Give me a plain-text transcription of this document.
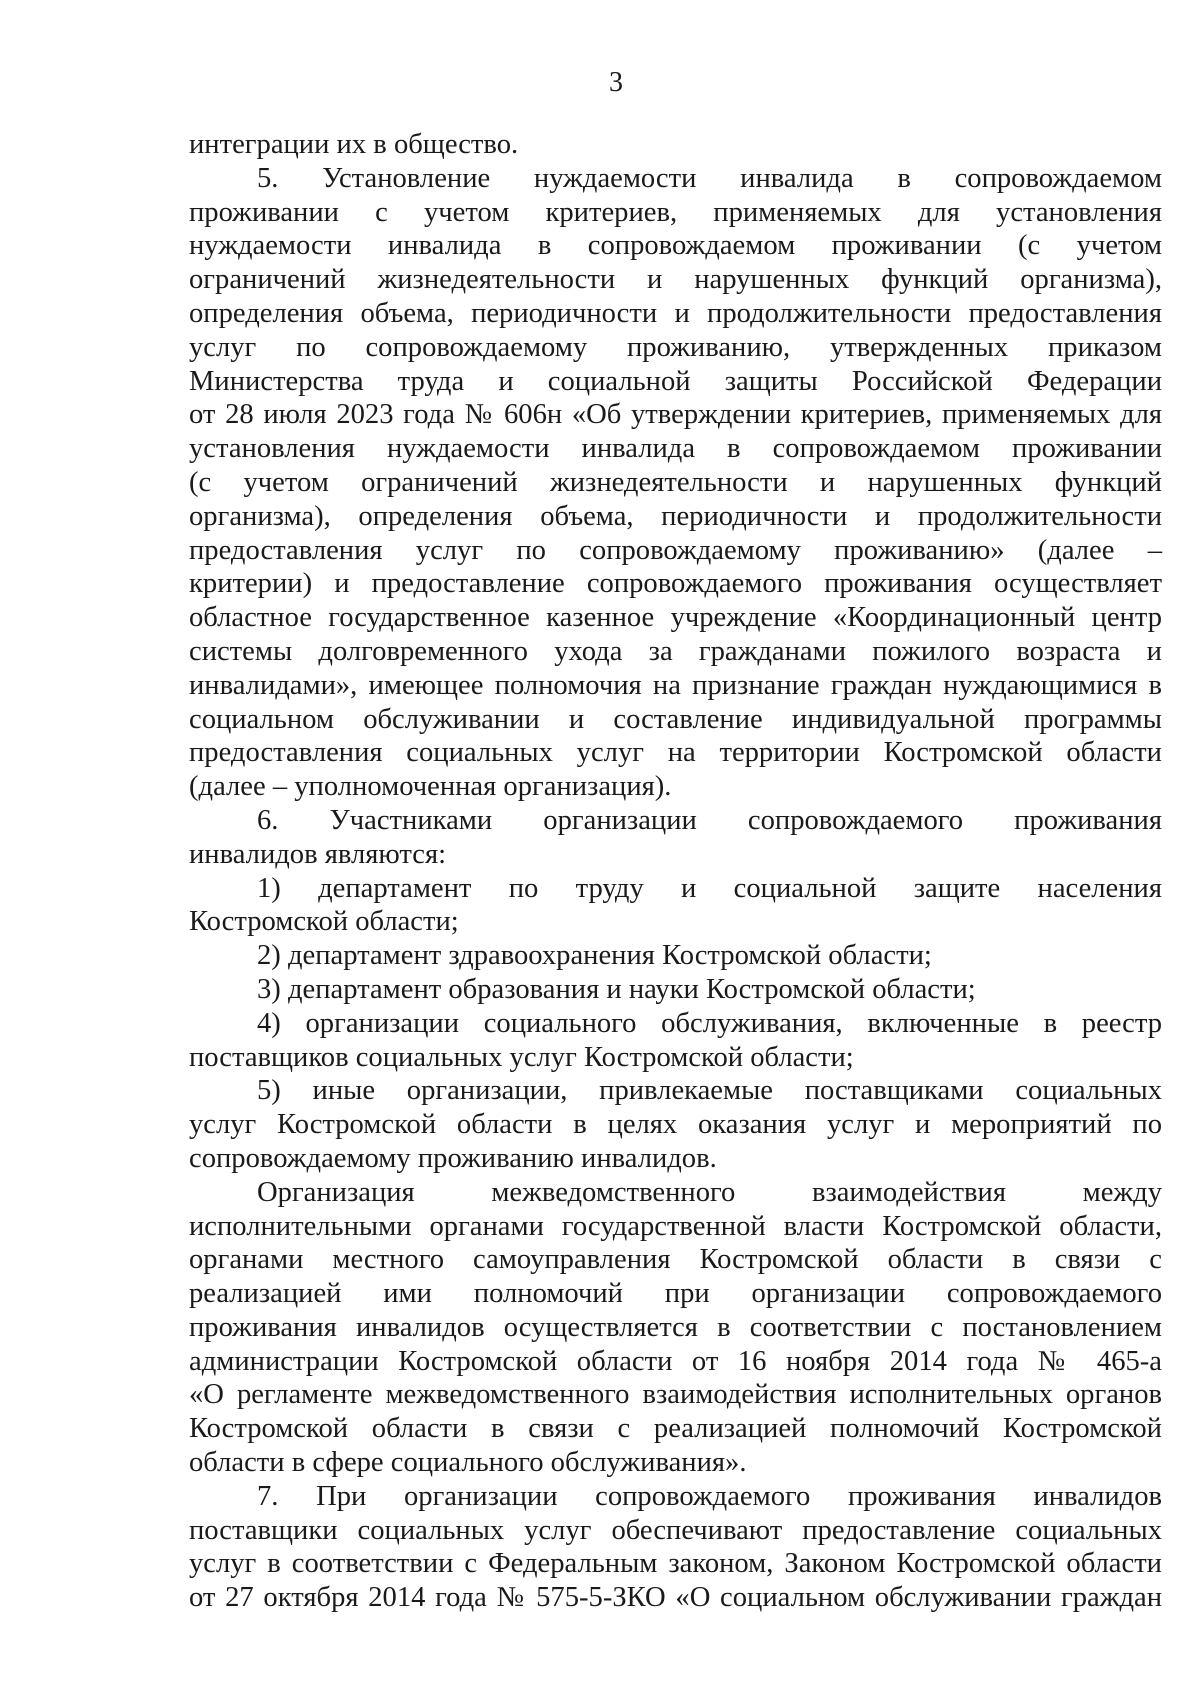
3
интеграции их в общество.
5. Установление нуждаемости инвалида в сопровождаемом
проживании с учетом критериев, применяемых для установления
нуждаемости инвалида в сопровождаемом проживании (с учетом
ограничений жизнедеятельности и нарушенных функций организма),
определения объема, периодичности и продолжительности предоставления
услуг по сопровождаемому проживанию, утвержденных приказом
Министерства труда и социальной защиты Российской Федерации
от 28 июля 2023 года № 606н «Об утверждении критериев, применяемых для
установления нуждаемости инвалида в сопровождаемом проживании
(с учетом ограничений жизнедеятельности и нарушенных функций
организма), определения объема, периодичности и продолжительности
предоставления услуг по сопровождаемому проживанию» (далее –
критерии) и предоставление сопровождаемого проживания осуществляет
областное государственное казенное учреждение «Координационный центр
системы долговременного ухода за гражданами пожилого возраста и
инвалидами», имеющее полномочия на признание граждан нуждающимися в
социальном обслуживании и составление индивидуальной программы
предоставления социальных услуг на территории Костромской области
(далее – уполномоченная организация).
6. Участниками организации сопровождаемого проживания
инвалидов являются:
1) департамент по труду и социальной защите населения
Костромской области;
2) департамент здравоохранения Костромской области;
3) департамент образования и науки Костромской области;
4) организации социального обслуживания, включенные в реестр
поставщиков социальных услуг Костромской области;
5) иные организации, привлекаемые поставщиками социальных
услуг Костромской области в целях оказания услуг и мероприятий по
сопровождаемому проживанию инвалидов.
Организация межведомственного взаимодействия между
исполнительными органами государственной власти Костромской области,
органами местного самоуправления Костромской области в связи с
реализацией ими полномочий при организации сопровождаемого
проживания инвалидов осуществляется в соответствии с постановлением
администрации Костромской области от 16 ноября 2014 года № 465-а
«О регламенте межведомственного взаимодействия исполнительных органов
Костромской области в связи с реализацией полномочий Костромской
области в сфере социального обслуживания».
7. При организации сопровождаемого проживания инвалидов
поставщики социальных услуг обеспечивают предоставление социальных
услуг в соответствии с Федеральным законом, Законом Костромской области
от 27 октября 2014 года № 575-5-ЗКО «О социальном обслуживании граждан
